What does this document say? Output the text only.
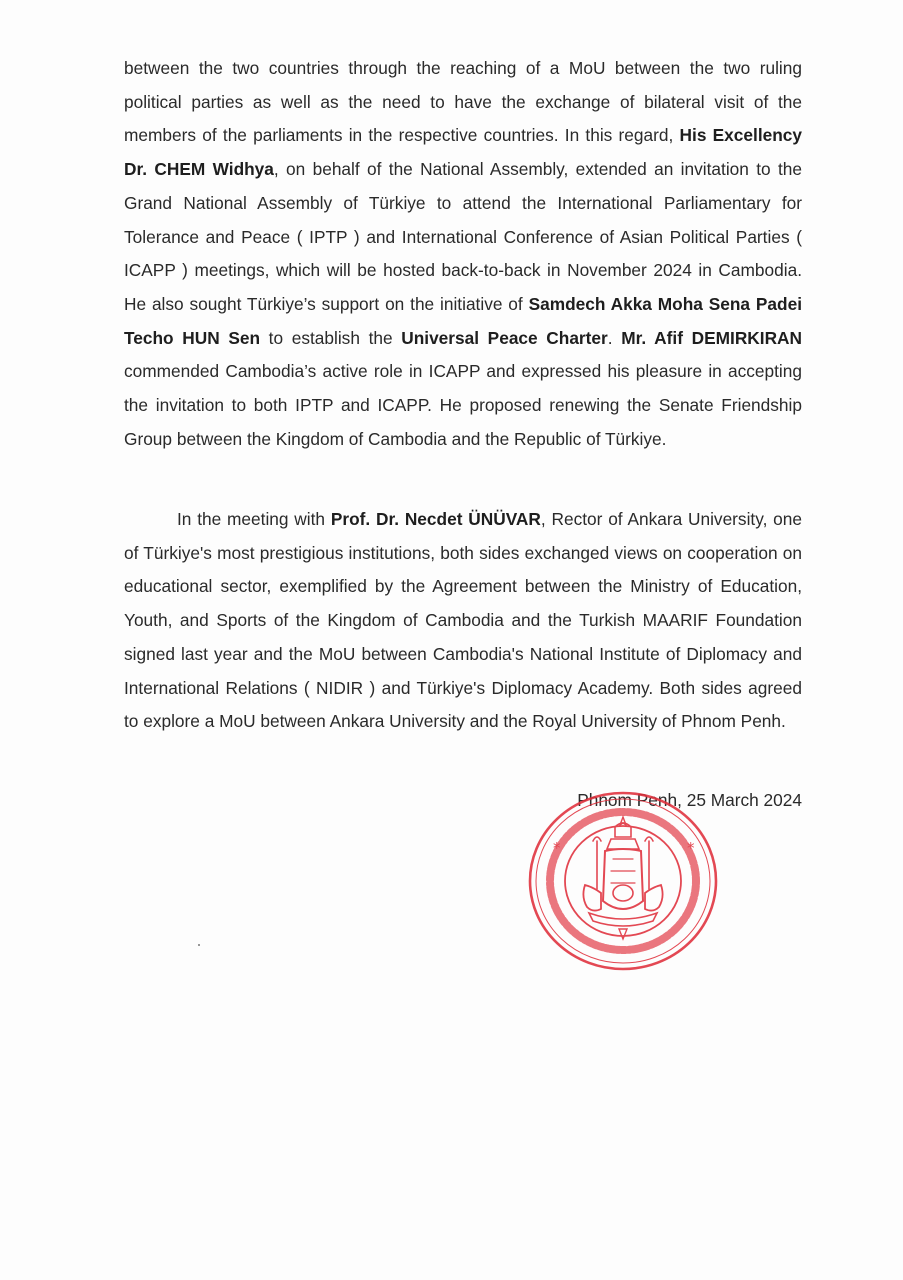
between the two countries through the reaching of a MoU between the two ruling political parties as well as the need to have the exchange of bilateral visit of the members of the parliaments in the respective countries. In this regard, His Excellency Dr. CHEM Widhya, on behalf of the National Assembly, extended an invitation to the Grand National Assembly of Türkiye to attend the International Parliamentary for Tolerance and Peace ( IPTP ) and International Conference of Asian Political Parties ( ICAPP ) meetings, which will be hosted back-to-back in November 2024 in Cambodia. He also sought Türkiye’s support on the initiative of Samdech Akka Moha Sena Padei Techo HUN Sen to establish the Universal Peace Charter. Mr. Afif DEMIRKIRAN commended Cambodia’s active role in ICAPP and expressed his pleasure in accepting the invitation to both IPTP and ICAPP. He proposed renewing the Senate Friendship Group between the Kingdom of Cambodia and the Republic of Türkiye.

In the meeting with Prof. Dr. Necdet ÜNÜVAR, Rector of Ankara University, one of Türkiye's most prestigious institutions, both sides exchanged views on cooperation on educational sector, exemplified by the Agreement between the Ministry of Education, Youth, and Sports of the Kingdom of Cambodia and the Turkish MAARIF Foundation signed last year and the MoU between Cambodia's National Institute of Diplomacy and International Relations ( NIDIR ) and Türkiye's Diplomacy Academy. Both sides agreed to explore a MoU between Ankara University and the Royal University of Phnom Penh.

Phnom Penh, 25 March 2024

*	*
